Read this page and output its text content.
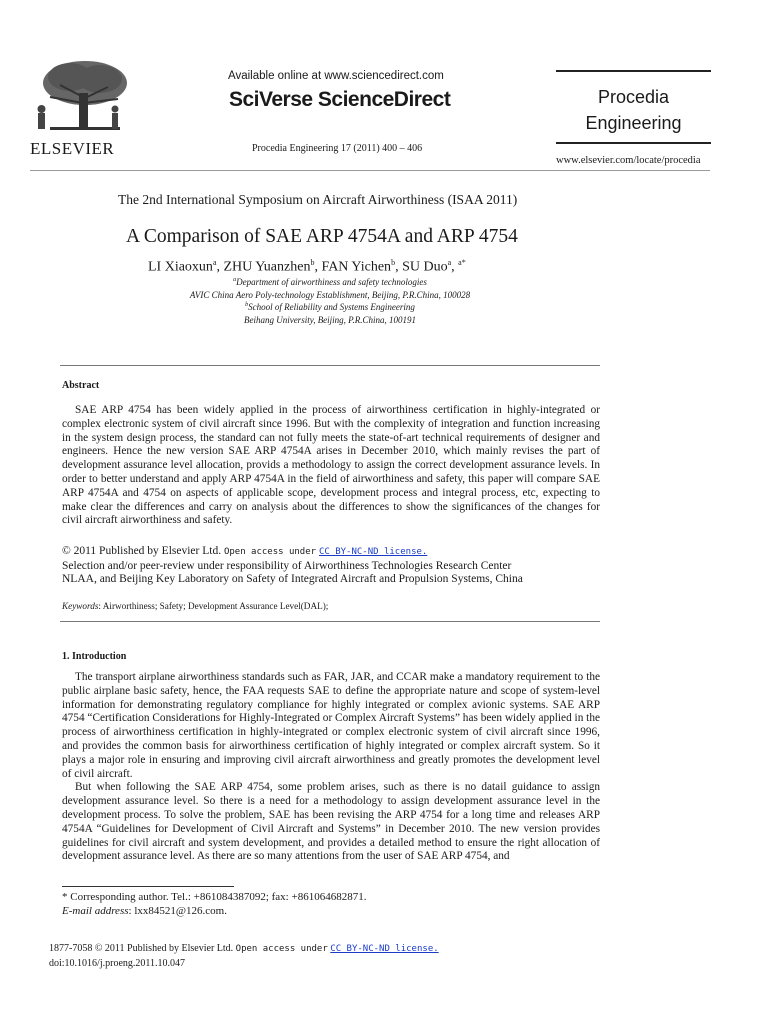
ELSEVIER
Available online at www.sciencedirect.com
SciVerse ScienceDirect
Procedia Engineering 17 (2011) 400 – 406
Procedia
Engineering
www.elsevier.com/locate/procedia
The 2nd International Symposium on Aircraft Airworthiness (ISAA 2011)
A Comparison of SAE ARP 4754A and ARP 4754
LI Xiaoxun$^a$, ZHU Yuanzhen$^b$, FAN Yichen$^b$, SU Duo$^a$, $^{a*}$
$^a$Department of airworthiness and safety technologies
AVIC China Aero Poly-technology Establishment, Beijing, P.R.China, 100028
$^b$School of Reliability and Systems Engineering
Beihang University, Beijing, P.R.China, 100191
Abstract
SAE ARP 4754 has been widely applied in the process of airworthiness certification in highly-integrated or complex electronic system of civil aircraft since 1996. But with the complexity of integration and function increasing in the system design process, the standard can not fully meets the state-of-art technical requirements of designer and engineers. Hence the new version SAE ARP 4754A arises in December 2010, which mainly revises the part of development assurance level allocation, provids a methodology to assign the correct development assurance levels. In order to better understand and apply ARP 4754A in the field of airworthiness and safety, this paper will compare SAE ARP 4754A and 4754 on aspects of applicable scope, development process and integral process, etc, expecting to make clear the differences and carry on analysis about the differences to show the significances of the changes for civil aircraft airworthiness and safety.
© 2011 Published by Elsevier Ltd. Open access under CC BY-NC-ND license.
Selection and/or peer-review under responsibility of Airworthiness Technologies Research Center
NLAA, and Beijing Key Laboratory on Safety of Integrated Aircraft and Propulsion Systems, China
Keywords: Airworthiness; Safety; Development Assurance Level(DAL);
1. Introduction

The transport airplane airworthiness standards such as FAR, JAR, and CCAR make a mandatory requirement to the public airplane basic safety, hence, the FAA requests SAE to define the appropriate nature and scope of system-level information for demonstrating regulatory compliance for highly integrated or complex avionic systems. SAE ARP 4754 “Certification Considerations for Highly-Integrated or Complex Aircraft Systems” has been widely applied in the process of airworthiness certification in highly-integrated or complex electronic system of civil aircraft since 1996, and provides the common basis for airworthiness certification of highly integrated or complex aircraft system. So it plays a major role in ensuring and improving civil aircraft airworthiness and greatly promotes the development level of civil aircraft.

But when following the SAE ARP 4754, some problem arises, such as there is no datail guidance to assign development assurance level. So there is a need for a methodology to assign development assurance level in the development process. To solve the problem, SAE has been revising the ARP 4754 for a long time and releases ARP 4754A “Guidelines for Development of Civil Aircraft and Systems” in December 2010. The new version provides guidelines for civil aircraft and system development, and provides a detailed method to ensure the right allocation of development assurance level. As there are so many attentions from the user of SAE ARP 4754, and

* Corresponding author. Tel.: +861084387092; fax: +861064682871.
E-mail address: lxx84521@126.com.
1877-7058 © 2011 Published by Elsevier Ltd. Open access under CC BY-NC-ND license.
doi:10.1016/j.proeng.2011.10.047
